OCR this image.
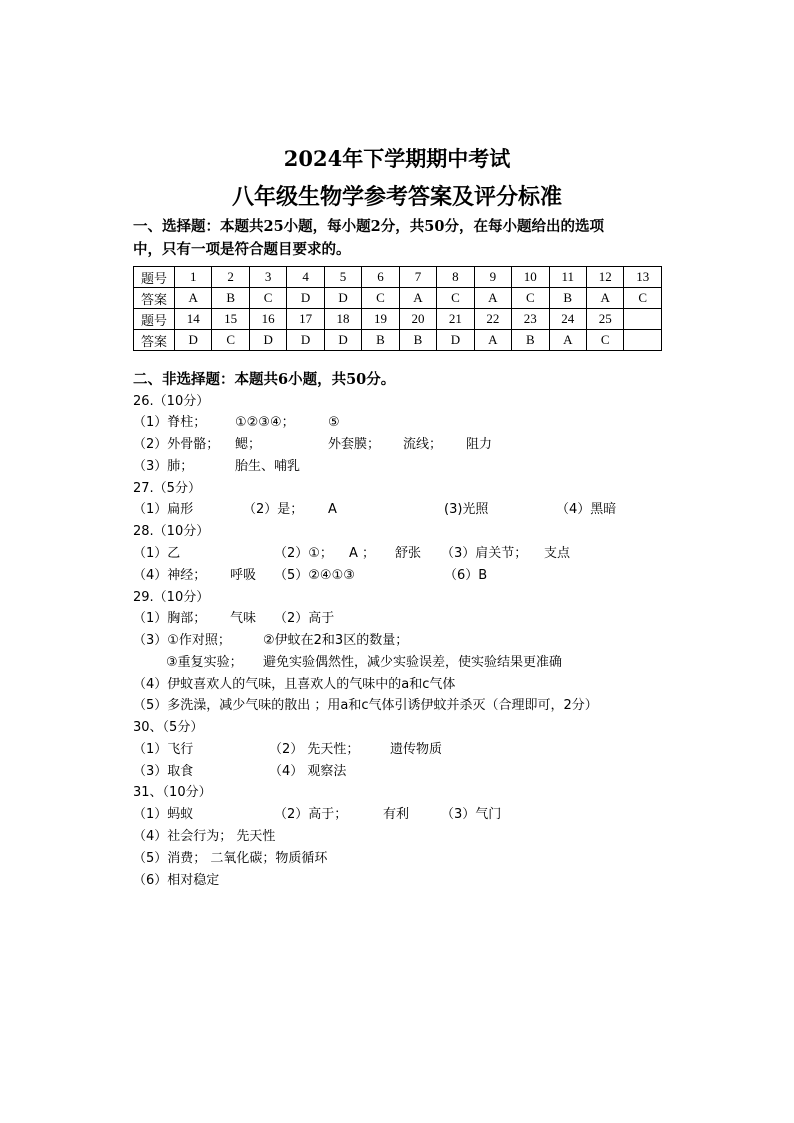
2024年下学期期中考试
八年级生物学参考答案及评分标准
一、选择题：本题共25小题，每小题2分，共50分，在每小题给出的选项
中，只有一项是符合题目要求的。
题号	1	2	3	4	5	6	7	8	9	10	11	12	13
答案	A	B	C	D	D	C	A	C	A	C	B	A	C
题号	14	15	16	17	18	19	20	21	22	23	24	25	
答案	D	C	D	D	D	B	B	D	A	B	A	C	
二、非选择题：本题共6小题，共50分。
26.（10分）
（1）脊柱； ①②③④；	⑤
（2）外骨骼； 鳃；	外套膜； 流线； 阻力
（3）肺；	胎生、哺乳
27.（5分）
（1）扁形	（2）是； A	(3)光照	（4）黑暗
28.（10分）
（1）乙	（2）①； A ； 舒张 （3）肩关节； 支点
（4）神经； 呼吸 （5）②④①③	（6）B
29.（10分）
（1）胸部； 气味 （2）高于
（3）①作对照； ②伊蚊在2和3区的数量；
③重复实验； 避免实验偶然性，减少实验误差，使实验结果更准确
（4）伊蚊喜欢人的气味，且喜欢人的气味中的a和c气体
（5）多洗澡，减少气味的散出 ；用a和c气体引诱伊蚊并杀灭（合理即可，2分）
30、（5分）
（1）飞行	（2） 先天性； 遗传物质
（3）取食	（4） 观察法
31、（10分）
（1）蚂蚁	（2）高于；	有利 （3）气门
（4）社会行为； 先天性
（5）消费； 二氧化碳；物质循环
（6）相对稳定
